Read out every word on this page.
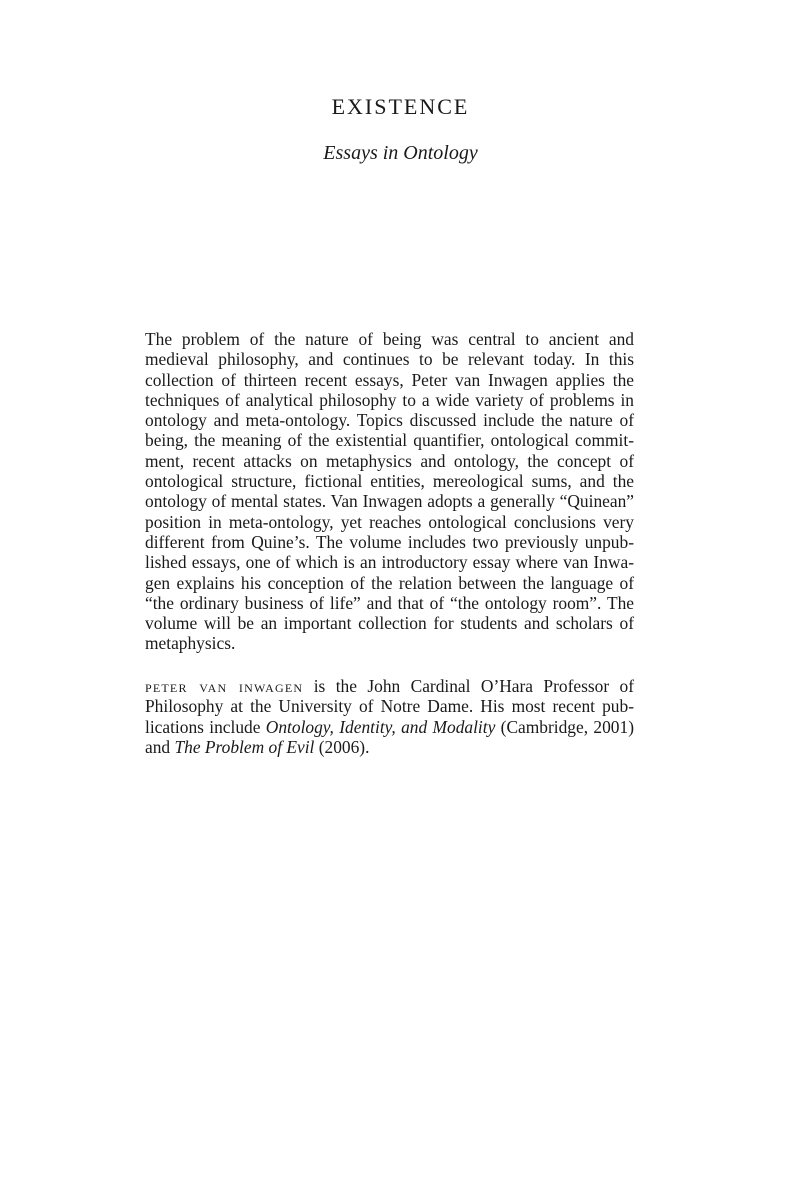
EXISTENCE
Essays in Ontology

The problem of the nature of being was central to ancient and medieval philosophy, and continues to be relevant today. In this collection of thirteen recent essays, Peter van Inwagen applies the techniques of analytical philosophy to a wide variety of problems in ontology and meta-ontology. Topics discussed include the nature of being, the meaning of the existential quantifier, ontological commitment, recent attacks on metaphysics and ontology, the concept of ontological structure, fictional entities, mereological sums, and the ontology of mental states. Van Inwagen adopts a generally “Quinean” position in meta-ontology, yet reaches ontological conclusions very different from Quine’s. The volume includes two previously unpublished essays, one of which is an introductory essay where van Inwagen explains his conception of the relation between the language of “the ordinary business of life” and that of “the ontology room”. The volume will be an important collection for students and scholars of metaphysics.

peter van inwagen is the John Cardinal O’Hara Professor of Philosophy at the University of Notre Dame. His most recent publications include Ontology, Identity, and Modality (Cambridge, 2001) and The Problem of Evil (2006).
